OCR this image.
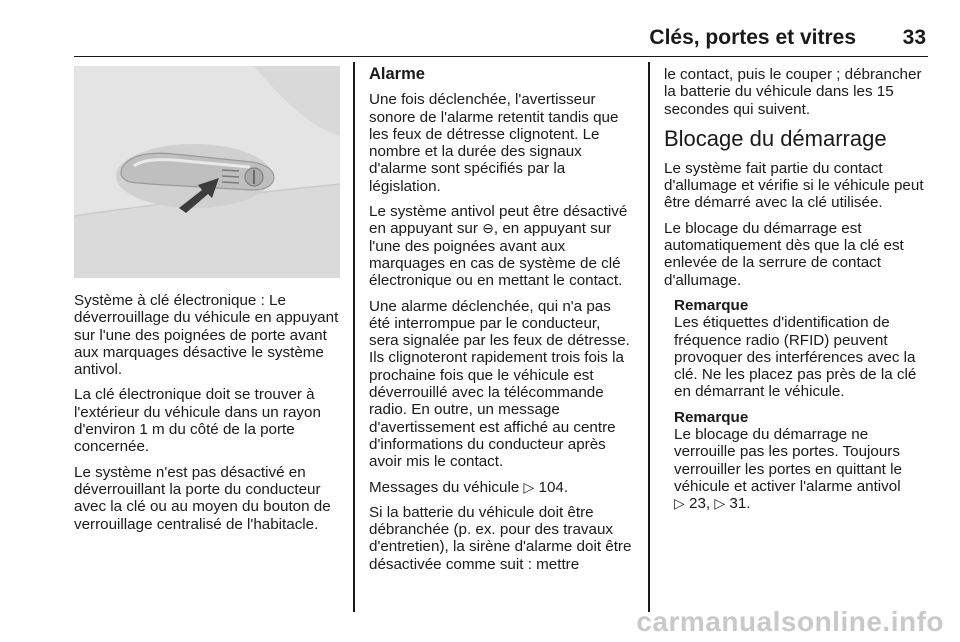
Clés, portes et vitres 33

Système à clé électronique : Le déverrouillage du véhicule en appuyant sur l'une des poignées de porte avant aux marquages désactive le système antivol.

La clé électronique doit se trouver à l'extérieur du véhicule dans un rayon d'environ 1 m du côté de la porte concernée.

Le système n'est pas désactivé en déverrouillant la porte du conducteur avec la clé ou au moyen du bouton de verrouillage centralisé de l'habitacle.

Alarme

Une fois déclenchée, l'avertisseur sonore de l'alarme retentit tandis que les feux de détresse clignotent. Le nombre et la durée des signaux d'alarme sont spécifiés par la législation.

Le système antivol peut être désactivé en appuyant sur ⊖, en appuyant sur l'une des poignées avant aux marquages en cas de système de clé électronique ou en mettant le contact.

Une alarme déclenchée, qui n'a pas été interrompue par le conducteur, sera signalée par les feux de détresse. Ils clignoteront rapidement trois fois la prochaine fois que le véhicule est déverrouillé avec la télécommande radio. En outre, un message d'avertissement est affiché au centre d'informations du conducteur après avoir mis le contact.

Messages du véhicule ▷ 104.

Si la batterie du véhicule doit être débranchée (p. ex. pour des travaux d'entretien), la sirène d'alarme doit être désactivée comme suit : mettre

le contact, puis le couper ; débrancher la batterie du véhicule dans les 15 secondes qui suivent.

Blocage du démarrage

Le système fait partie du contact d'allumage et vérifie si le véhicule peut être démarré avec la clé utilisée.

Le blocage du démarrage est automatiquement dès que la clé est enlevée de la serrure de contact d'allumage.

Remarque
Les étiquettes d'identification de fréquence radio (RFID) peuvent provoquer des interférences avec la clé. Ne les placez pas près de la clé en démarrant le véhicule.
Remarque
Le blocage du démarrage ne verrouille pas les portes. Toujours verrouiller les portes en quittant le véhicule et activer l'alarme antivol
▷ 23, ▷ 31.
carmanualsonline.info
